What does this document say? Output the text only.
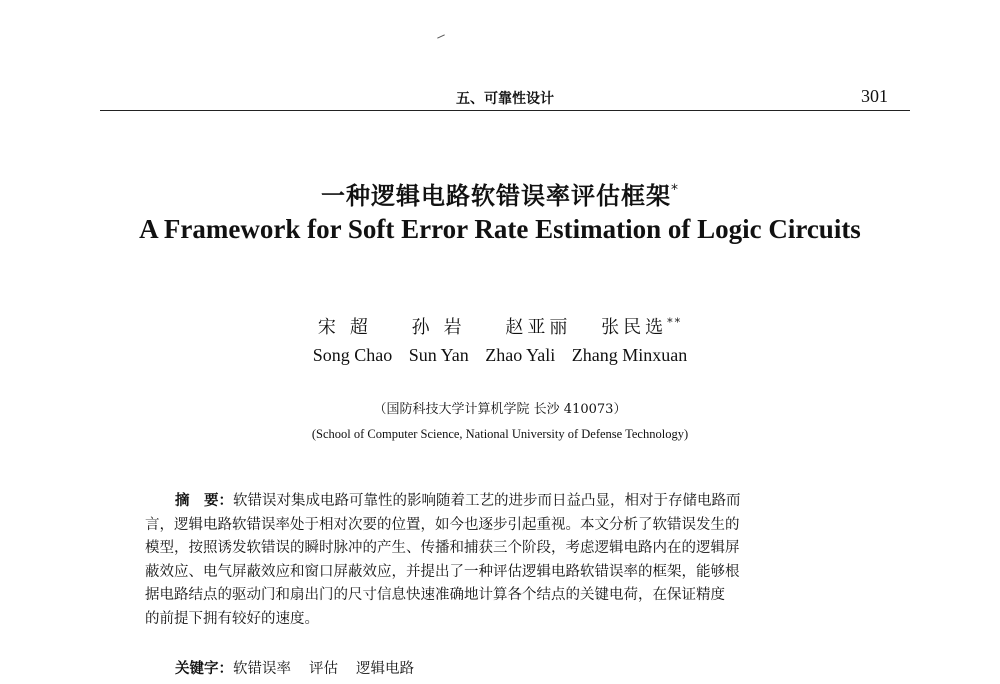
五、可靠性设计	301
一种逻辑电路软错误率评估框架*
A Framework for Soft Error Rate Estimation of Logic Circuits
宋超 孙岩 赵亚丽 张民选**
Song Chao Sun Yan Zhao Yali Zhang Minxuan
（国防科技大学计算机学院 长沙 410073）
(School of Computer Science, National University of Defense Technology)
摘　要：软错误对集成电路可靠性的影响随着工艺的进步而日益凸显，相对于存储电路而
言，逻辑电路软错误率处于相对次要的位置，如今也逐步引起重视。本文分析了软错误发生的
模型，按照诱发软错误的瞬时脉冲的产生、传播和捕获三个阶段，考虑逻辑电路内在的逻辑屏
蔽效应、电气屏蔽效应和窗口屏蔽效应，并提出了一种评估逻辑电路软错误率的框架，能够根
据电路结点的驱动门和扇出门的尺寸信息快速准确地计算各个结点的关键电荷，在保证精度
的前提下拥有较好的速度。
关键字：软错误率 评估 逻辑电路
